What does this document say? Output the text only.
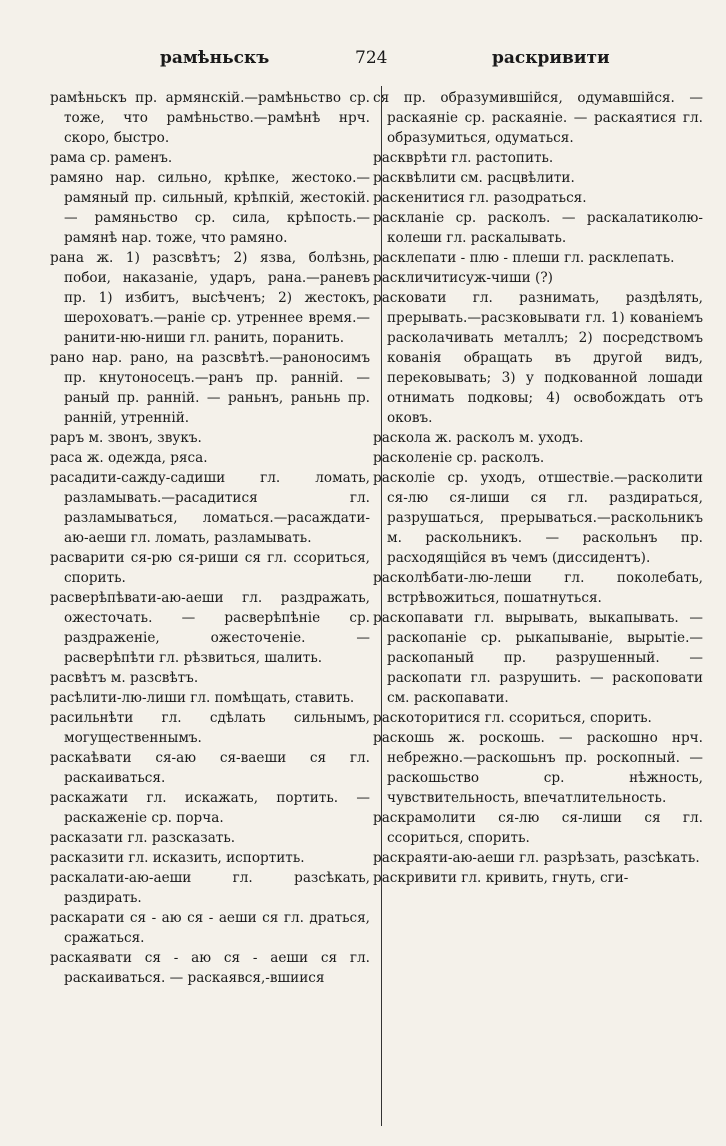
рамѣньскъ	724	раскривити

рамѣньскъ пр. армянскій.—рамѣньство ср. тоже, что рамѣньство.—рамѣнѣ нрч. скоро, быстро.

рама ср. раменъ.

рамяно нар. сильно, крѣпке, жестоко.—рамяный пр. сильный, крѣпкій, жестокій. — рамяньство ср. сила, крѣпость.—рамянѣ нар. тоже, что рамяно.

рана ж. 1) разсвѣтъ; 2) язва, болѣзнь, побои, наказаніе, ударъ, рана.—раневъ пр. 1) избитъ, высѣченъ; 2) жестокъ, шероховатъ.—раніе ср. утреннее время.—ранити-ню-ниши гл. ранить, поранить.

рано нар. рано, на разсвѣтѣ.—раноносимъ пр. кнутоносецъ.—ранъ пр. ранній. — раный пр. ранній. — раньнъ, раньнь пр. ранній, утренній.

раръ м. звонъ, звукъ.

раса ж. одежда, ряса.

расадити-сажду-садиши гл. ломать, разламывать.—расадитися гл. разламываться, ломаться.—расаждати-аю-аеши гл. ломать, разламывать.

расварити ся-рю ся-риши ся гл. ссориться, спорить.

расверѣпѣвати-аю-аеши гл. раздражать, ожесточать. — расверѣпѣніе ср. раздраженіе, ожесточеніе. — расверѣпѣти гл. рѣзвиться, шалить.

расвѣтъ м. разсвѣтъ.

расѣлити-лю-лиши гл. помѣщать, ставить.

расильнѣти гл. сдѣлать сильнымъ, могущественнымъ.

раскаѣвати ся-аю ся-ваеши ся гл. раскаиваться.

раскажати гл. искажать, портить. — раскаженіе ср. порча.

расказати гл. разсказать.

расказити гл. исказить, испортить.

раскалати-аю-аеши гл. разсѣкать, раздирать.

раскарати ся - аю ся - аеши ся гл. драться, сражаться.

раскаявати ся - аю ся - аеши ся гл. раскаиваться. — раскаявся,-вшиися

ся пр. образумившійся, одумавшійся. — раскаяніе ср. раскаяніе. — раскаятися гл. образумиться, одуматься.

раскврѣти гл. растопить.

расквѣлити см. расцвѣлити.

раскенитися гл. разодраться.

раскланіе ср. расколъ. — раскалатиколю-колеши гл. раскалывать.

расклепати - плю - плеши гл. расклепать.

раскличитисуж-чиши (?)

расковати гл. разнимать, раздѣлять, прерывать.—расзковывати гл. 1) кованіемъ расколачивать металлъ; 2) посредствомъ кованія обращать въ другой видъ, перековывать; 3) у подкованной лошади отнимать подковы; 4) освобождать отъ оковъ.

раскола ж. расколъ м. уходъ.

расколеніе ср. расколъ.

расколіе ср. уходъ, отшествіе.—расколити ся-лю ся-лиши ся гл. раздираться, разрушаться, прерываться.—раскольникъ м. раскольникъ. — раскольнъ пр. расходящійся въ чемъ (диссидентъ).

расколѣбати-лю-леши гл. поколебать, встрѣвожиться, пошатнуться.

раскопавати гл. вырывать, выкапывать. — раскопаніе ср. рыкапываніе, вырытіе.—раскопаный пр. разрушенный. — раскопати гл. разрушить. — раскоповати см. раскопавати.

раскоторитися гл. ссориться, спорить.

раскошь ж. роскошь. — раскошно нрч. небрежно.—раскошьнъ пр. роскопный. — раскошьство ср. нѣжность, чувствительность, впечатлительность.

раскрамолити ся-лю ся-лиши ся гл. ссориться, спорить.

раскраяти-аю-аеши гл. разрѣзать, разсѣкать.

раскривити гл. кривить, гнуть, сги-
